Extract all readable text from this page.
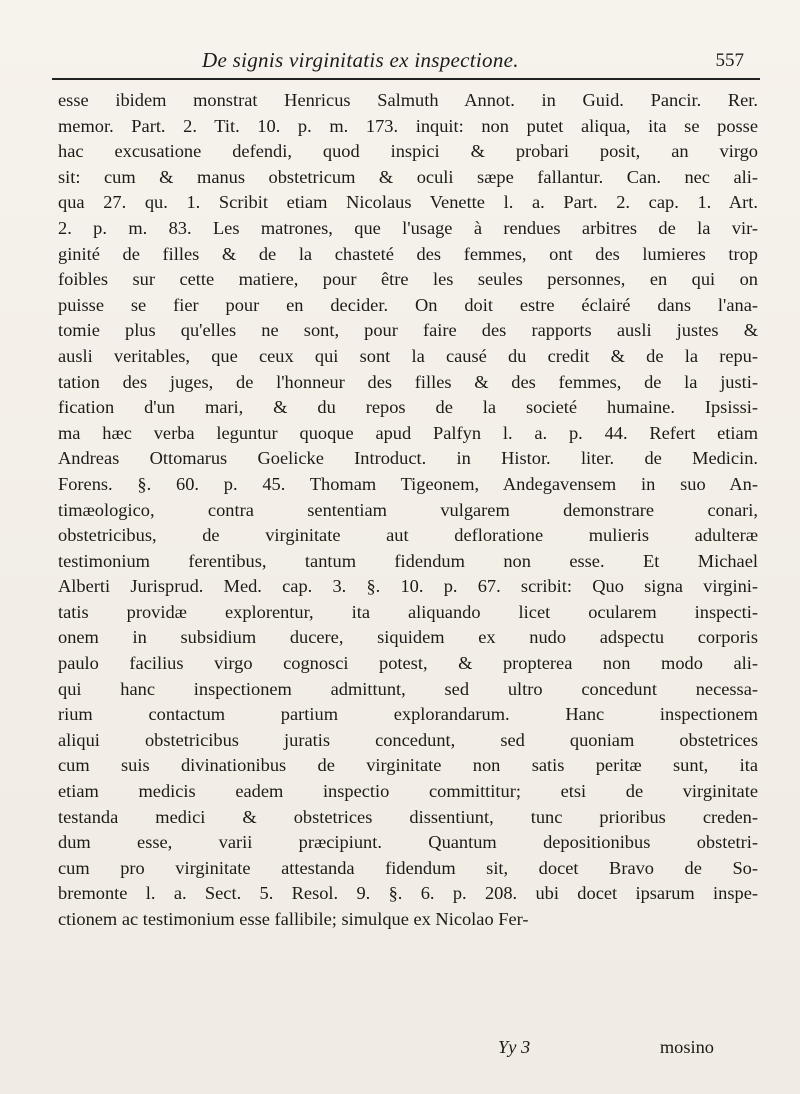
De signis virginitatis ex inspectione.	557
esse ibidem monstrat Henricus Salmuth Annot. in Guid. Pancir. Rer.
memor. Part. 2. Tit. 10. p. m. 173. inquit: non putet aliqua, ita se posse
hac excusatione defendi, quod inspici & probari posit, an virgo
sit: cum & manus obstetricum & oculi sæpe fallantur. Can. nec ali-
qua 27. qu. 1. Scribit etiam Nicolaus Venette l. a. Part. 2. cap. 1. Art.
2. p. m. 83. Les matrones, que l'usage à rendues arbitres de la vir-
ginité de filles & de la chasteté des femmes, ont des lumieres trop
foibles sur cette matiere, pour être les seules personnes, en qui on
puisse se fier pour en decider. On doit estre éclairé dans l'ana-
tomie plus qu'elles ne sont, pour faire des rapports ausli justes &
ausli veritables, que ceux qui sont la causé du credit & de la repu-
tation des juges, de l'honneur des filles & des femmes, de la justi-
fication d'un mari, & du repos de la societé humaine. Ipsissi-
ma hæc verba leguntur quoque apud Palfyn l. a. p. 44. Refert etiam
Andreas Ottomarus Goelicke Introduct. in Histor. liter. de Medicin.
Forens. §. 60. p. 45. Thomam Tigeonem, Andegavensem in suo An-
timæologico, contra sententiam vulgarem demonstrare conari,
obstetricibus, de virginitate aut defloratione mulieris adulteræ
testimonium ferentibus, tantum fidendum non esse. Et Michael
Alberti Jurisprud. Med. cap. 3. §. 10. p. 67. scribit: Quo signa virgini-
tatis providæ explorentur, ita aliquando licet ocularem inspecti-
onem in subsidium ducere, siquidem ex nudo adspectu corporis
paulo facilius virgo cognosci potest, & propterea non modo ali-
qui hanc inspectionem admittunt, sed ultro concedunt necessa-
rium contactum partium explorandarum. Hanc inspectionem
aliqui obstetricibus juratis concedunt, sed quoniam obstetrices
cum suis divinationibus de virginitate non satis peritæ sunt, ita
etiam medicis eadem inspectio committitur; etsi de virginitate
testanda medici & obstetrices dissentiunt, tunc prioribus creden-
dum esse, varii præcipiunt. Quantum depositionibus obstetri-
cum pro virginitate attestanda fidendum sit, docet Bravo de So-
bremonte l. a. Sect. 5. Resol. 9. §. 6. p. 208. ubi docet ipsarum inspe-
ctionem ac testimonium esse fallibile; simulque ex Nicolao Fer-
Yy 3	mosino
